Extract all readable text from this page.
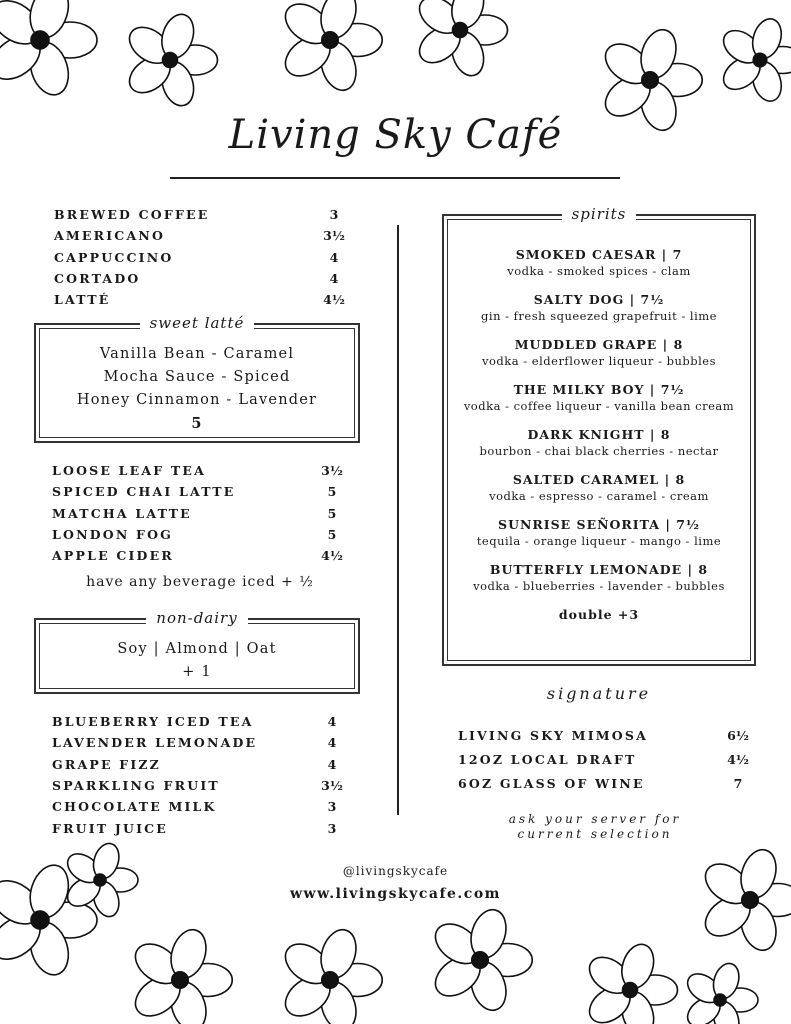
Living Sky Café
BREWED COFFEE	3
AMERICANO	3½
CAPPUCCINO	4
CORTADO	4
LATTÉ	4½
sweet latté
Vanilla Bean - Caramel
Mocha Sauce - Spiced
Honey Cinnamon - Lavender
5
LOOSE LEAF TEA	3½
SPICED CHAI LATTE	5
MATCHA LATTE	5
LONDON FOG	5
APPLE CIDER	4½
have any beverage iced + ½
non-dairy
Soy | Almond | Oat
+ 1
BLUEBERRY ICED TEA	4
LAVENDER LEMONADE	4
GRAPE FIZZ	4
SPARKLING FRUIT	3½
CHOCOLATE MILK	3
FRUIT JUICE	3
spirits
SMOKED CAESAR | 7
vodka - smoked spices - clam
SALTY DOG | 7½
gin - fresh squeezed grapefruit - lime
MUDDLED GRAPE | 8
vodka - elderflower liqueur - bubbles
THE MILKY BOY | 7½
vodka - coffee liqueur - vanilla bean cream
DARK KNIGHT | 8
bourbon - chai black cherries - nectar
SALTED CARAMEL | 8
vodka - espresso - caramel - cream
SUNRISE SEÑORITA | 7½
tequila - orange liqueur - mango - lime
BUTTERFLY LEMONADE | 8
vodka - blueberries - lavender - bubbles
double +3
signature
LIVING SKY MIMOSA	6½
12OZ LOCAL DRAFT	4½
6OZ GLASS OF WINE	7
ask your server for
current selection
@livingskycafe
www.livingskycafe.com
